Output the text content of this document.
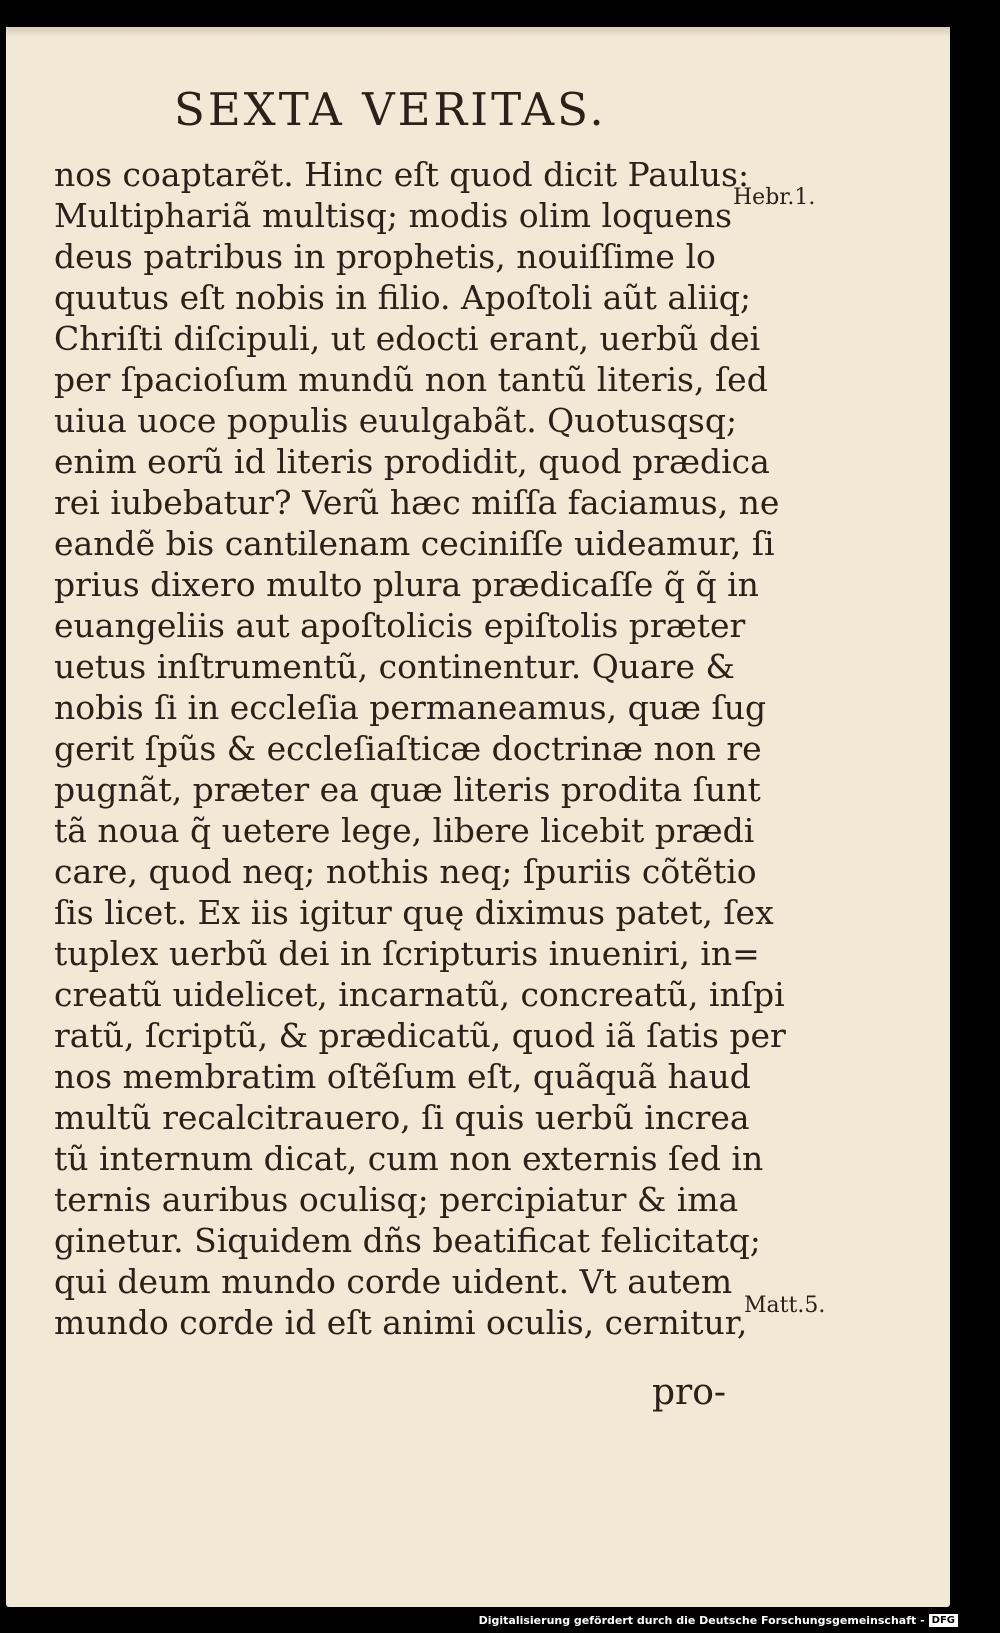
SEXTA VERITAS.
nos coaptarẽt. Hinc eſt quod dicit Paulus:
Multiphariã multisq; modis olim loquens
deus patribus in prophetis, nouiſſime lo
quutus eſt nobis in filio. Apoſtoli aũt aliiq;
Chriſti diſcipuli, ut edocti erant, uerbũ dei
per ſpacioſum mundũ non tantũ literis, ſed
uiua uoce populis euulgabãt. Quotusqsq;
enim eorũ id literis prodidit, quod prædica
rei iubebatur? Verũ hæc miſſa faciamus, ne
eandẽ bis cantilenam ceciniſſe uideamur, ſi
prius dixero multo plura prædicaſſe q̃ q̃ in
euangeliis aut apoſtolicis epiſtolis præter
uetus inſtrumentũ, continentur. Quare &
nobis ſi in eccleſia permaneamus, quæ ſug
gerit ſpũs & eccleſiaſticæ doctrinæ non re
pugnãt, præter ea quæ literis prodita ſunt
tã noua q̃ uetere lege, libere licebit prædi
care, quod neq; nothis neq; ſpuriis cõtẽtio
ſis licet. Ex iis igitur quę diximus patet, ſex
tuplex uerbũ dei in ſcripturis inueniri, in=
creatũ uidelicet, incarnatũ, concreatũ, inſpi
ratũ, ſcriptũ, & prædicatũ, quod iã ſatis per
nos membratim oſtẽſum eſt, quãquã haud
multũ recalcitrauero, ſi quis uerbũ increa
tũ internum dicat, cum non externis ſed in
ternis auribus oculisq; percipiatur & ima
ginetur. Siquidem dñs beatificat felicitatq;
qui deum mundo corde uident. Vt autem
mundo corde id eſt animi oculis, cernitur,
Hebr.1.
Matt.5.
pro-
Digitalisierung gefördert durch die Deutsche Forschungsgemeinschaft - DFG
